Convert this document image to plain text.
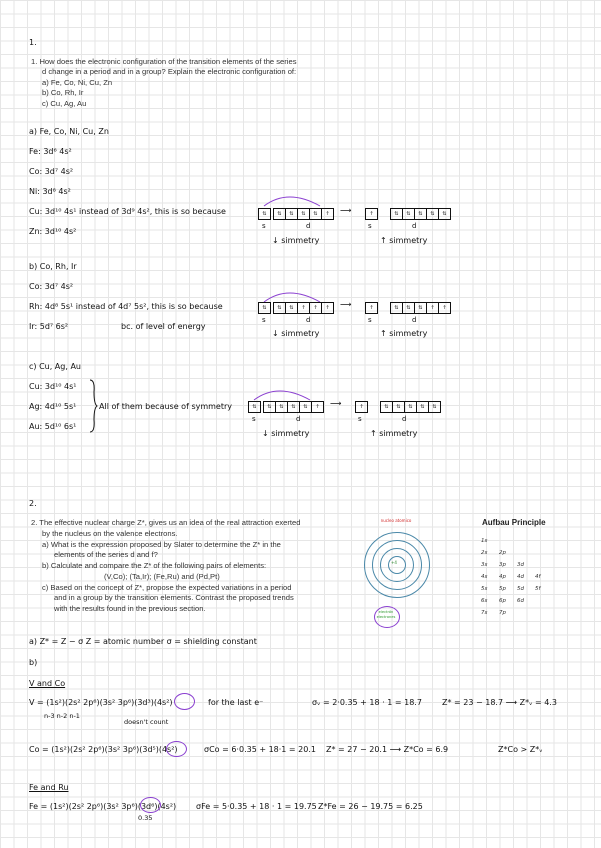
1.
1. How does the electronic configuration of the transition elements of the series
d change in a period and in a group? Explain the electronic configuration of:
a) Fe, Co, Ni, Cu, Zn
b) Co, Rh, Ir
c) Cu, Ag, Au
a) Fe, Co, Ni, Cu, Zn
Fe: 3d⁶ 4s²
Co: 3d⁷ 4s²
Ni: 3d⁸ 4s²
Cu: 3d¹⁰ 4s¹ instead of 3d⁹ 4s², this is so because
Zn: 3d¹⁰ 4s²
⇅	⇅	⇅	⇅	⇅	↑
s	d
⟶	↑	⇅	⇅	⇅	⇅	⇅
s	d
↓ simmetry	↑ simmetry
b) Co, Rh, Ir
Co: 3d⁷ 4s²
Rh: 4d⁸ 5s¹ instead of 4d⁷ 5s², this is so because
Ir: 5d⁷ 6s²	bc. of level of energy
⇅	⇅	⇅	↑	↑	↑
s	d
⟶	↑	⇅	⇅	⇅	↑	↑
s	d
↓ simmetry	↑ simmetry
c) Cu, Ag, Au
Cu: 3d¹⁰ 4s¹
Ag: 4d¹⁰ 5s¹
Au: 5d¹⁰ 6s¹
All of them because of symmetry	⇅	⇅	⇅	⇅	⇅	↑
s	d
⟶	↑	⇅	⇅	⇅	⇅	⇅
s	d
↓ simmetry	↑ simmetry
2.
2. The effective nuclear charge Z*, gives us an idea of the real attraction exerted
by the nucleus on the valence electrons.
a) What is the expression proposed by Slater to determine the Z* in the
elements of the series d and f?
b) Calculate and compare the Z* of the following pairs of elements:
(V,Co); (Ta,Ir); (Fe,Ru) and (Pd,Pt)
c) Based on the concept of Z*, propose the expected variations in a period
and in a group by the transition elements. Contrast the proposed trends
with the results found in the previous section.
nucleo atomico
+4
electrón electrones
Aufbau Principle
1s
2s 2p
3s 3p 3d
4s 4p 4d 4f
5s 5p 5d 5f
6s 6p 6d
7s 7p
a) Z* = Z − σ Z = atomic number σ = shielding constant
b)
V and Co
V = (1s²)(2s² 2p⁶)(3s² 3p⁶)(3d³)(4s²) ○ for the last e⁻
n-3 n-2 n-1
doesn't count
σᵥ = 2·0.35 + 18 · 1 = 18.7	Z* = 23 − 18.7 ⟶ Z*ᵥ = 4.3
Co = (1s²)(2s² 2p⁶)(3s² 3p⁶)(3d⁵)(4s²)	σCo = 6·0.35 + 18·1 = 20.1 Z* = 27 − 20.1 ⟶ Z*Co = 6.9	Z*Co > Z*ᵥ
Fe and Ru
Fe = (1s²)(2s² 2p⁶)(3s² 3p⁶)(3d⁶)(4s²)
0.35
σFe = 5·0.35 + 18 · 1 = 19.75 Z*Fe = 26 − 19.75 = 6.25
